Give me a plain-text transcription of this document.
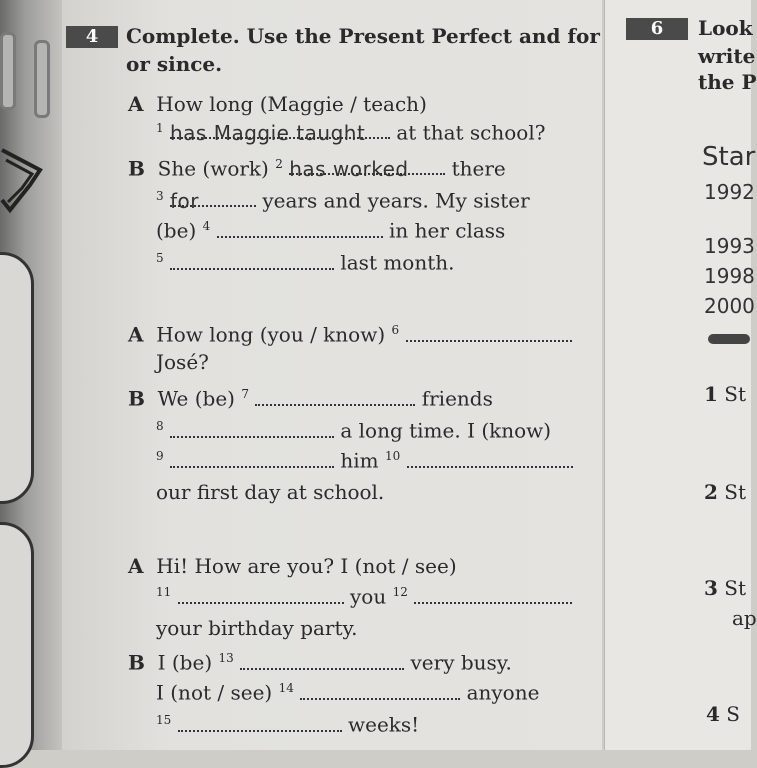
4	Complete. Use the Present Perfect and for
or since.
A How long (Maggie / teach)
$^1$ has Maggie taught at that school?
B She (work) $^2$ has worked there
$^3$ for	years and years. My sister
(be) $^4$	in her class
$^5$	last month.
A How long (you / know) $^6$
José?
B We (be) $^7$	friends
$^8$	a long time. I (know)
$^9$	him $^{10}$
our first day at school.
A Hi! How are you? I (not / see)
$^{11}$	you $^{12}$
your birthday party.
B I (be) $^{13}$	very busy.
I (not / see) $^{14}$	anyone
$^{15}$	weeks!
6	Look
write
the P
Star
1992
1993
1998
2000
1 St
2 St
3 St
ap
4 S
